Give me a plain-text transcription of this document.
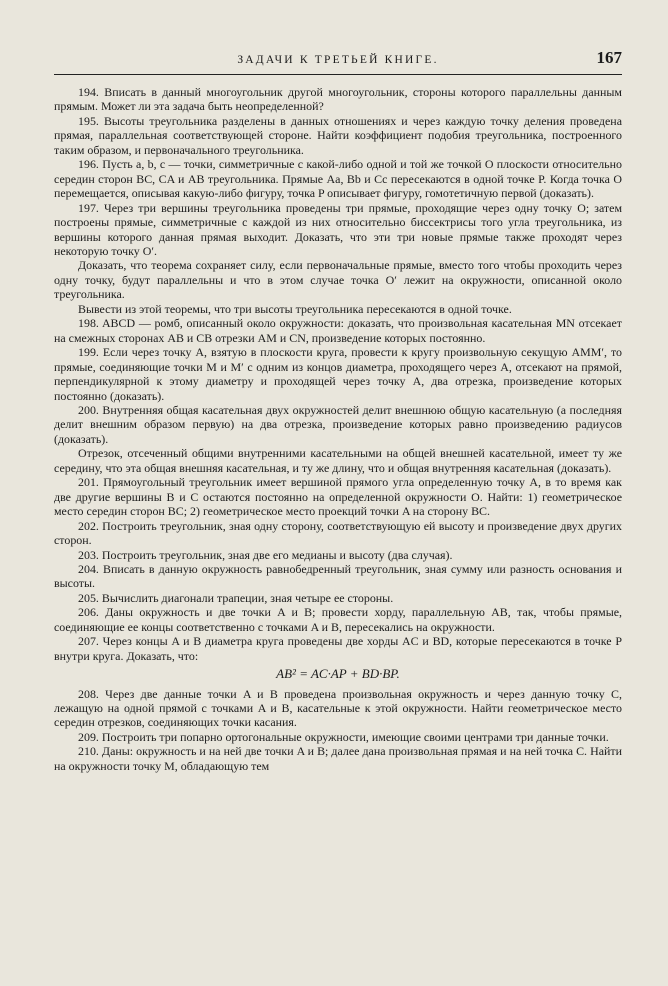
ЗАДАЧИ К ТРЕТЬЕЙ КНИГЕ.	167

194. Вписать в данный многоугольник другой многоугольник, стороны которого параллельны данным прямым. Может ли эта задача быть неопределенной?

195. Высоты треугольника разделены в данных отношениях и через каждую точку деления проведена прямая, параллельная соответствующей стороне. Найти коэффициент подобия треугольника, построенного таким образом, и первоначального треугольника.

196. Пусть a, b, c — точки, симметричные с какой-либо одной и той же точкой O плоскости относительно середин сторон BC, CA и AB треугольника. Прямые Aa, Bb и Cc пересекаются в одной точке P. Когда точка O перемещается, описывая какую-либо фигуру, точка P описывает фигуру, гомотетичную первой (доказать).

197. Через три вершины треугольника проведены три прямые, проходящие через одну точку O; затем построены прямые, симметричные с каждой из них относительно биссектрисы того угла треугольника, из вершины которого данная прямая выходит. Доказать, что эти три новые прямые также проходят через некоторую точку O′.

Доказать, что теорема сохраняет силу, если первоначальные прямые, вместо того чтобы проходить через одну точку, будут параллельны и что в этом случае точка O′ лежит на окружности, описанной около треугольника.

Вывести из этой теоремы, что три высоты треугольника пересекаются в одной точке.

198. ABCD — ромб, описанный около окружности: доказать, что произвольная касательная MN отсекает на смежных сторонах AB и CB отрезки AM и CN, произведение которых постоянно.

199. Если через точку A, взятую в плоскости круга, провести к кругу произвольную секущую AMM′, то прямые, соединяющие точки M и M′ с одним из концов диаметра, проходящего через A, отсекают на прямой, перпендикулярной к этому диаметру и проходящей через точку A, два отрезка, произведение которых постоянно (доказать).

200. Внутренняя общая касательная двух окружностей делит внешнюю общую касательную (а последняя делит внешним образом первую) на два отрезка, произведение которых равно произведению радиусов (доказать).

Отрезок, отсеченный общими внутренними касательными на общей внешней касательной, имеет ту же середину, что эта общая внешняя касательная, и ту же длину, что и общая внутренняя касательная (доказать).

201. Прямоугольный треугольник имеет вершиной прямого угла определенную точку A, в то время как две другие вершины B и C остаются постоянно на определенной окружности O. Найти: 1) геометрическое место середин сторон BC; 2) геометрическое место проекций точки A на сторону BC.

202. Построить треугольник, зная одну сторону, соответствующую ей высоту и произведение двух других сторон.

203. Построить треугольник, зная две его медианы и высоту (два случая).

204. Вписать в данную окружность равнобедренный треугольник, зная сумму или разность основания и высоты.

205. Вычислить диагонали трапеции, зная четыре ее стороны.

206. Даны окружность и две точки A и B; провести хорду, параллельную AB, так, чтобы прямые, соединяющие ее концы соответственно с точками A и B, пересекались на окружности.

207. Через концы A и B диаметра круга проведены две хорды AC и BD, которые пересекаются в точке P внутри круга. Доказать, что:

AB² = AC·AP + BD·BP.

208. Через две данные точки A и B проведена произвольная окружность и через данную точку C, лежащую на одной прямой с точками A и B, касательные к этой окружности. Найти геометрическое место середин отрезков, соединяющих точки касания.

209. Построить три попарно ортогональные окружности, имеющие своими центрами три данные точки.

210. Даны: окружность и на ней две точки A и B; далее дана произвольная прямая и на ней точка C. Найти на окружности точку M, обладающую тем
